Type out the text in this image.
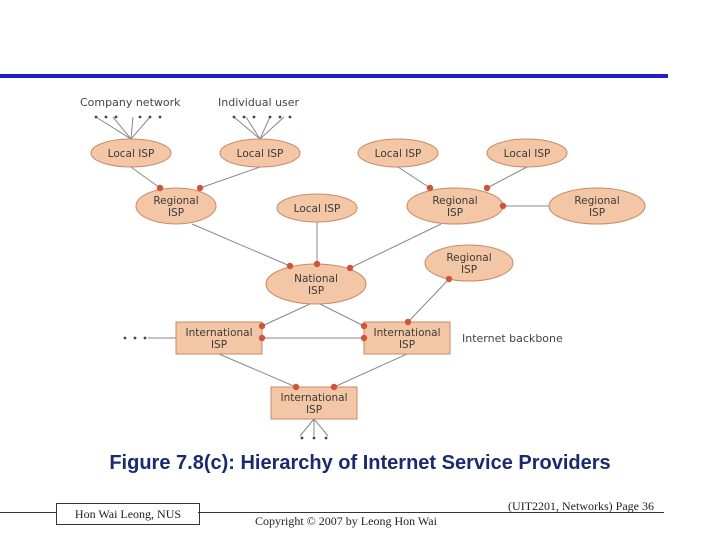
Local ISP	Local ISP	Local ISP	Local ISP
Regional
ISP	Local ISP
Regional
ISP
Regional
ISP
Regional
ISP
National
ISP
International
ISP
International
ISP
International
ISP
Company network	Individual user
Internet backbone
Figure 7.8(c): Hierarchy of Internet Service Providers
Hon Wai Leong, NUS	Copyright © 2007 by Leong Hon Wai
(UIT2201, Networks) Page 36
